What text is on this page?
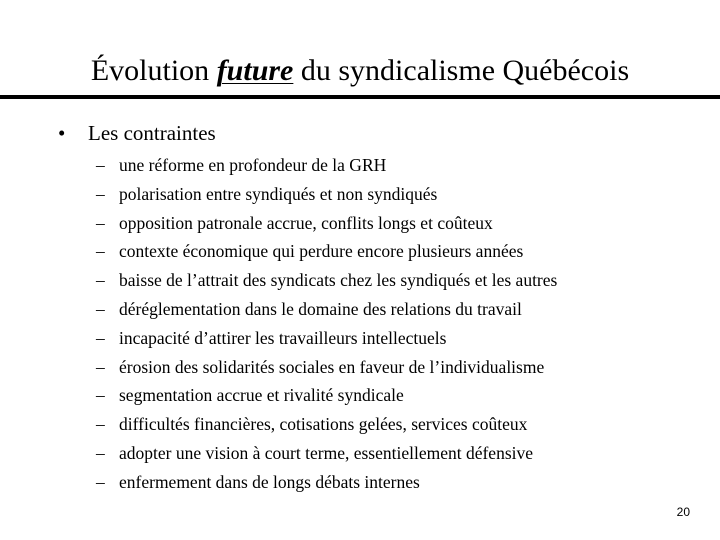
Évolution future du syndicalisme Québécois
• Les contraintes
– une réforme en profondeur de la GRH
– polarisation entre syndiqués et non syndiqués
– opposition patronale accrue, conflits longs et coûteux
– contexte économique qui perdure encore plusieurs années
– baisse de l’attrait des syndicats chez les syndiqués et les autres
– déréglementation dans le domaine des relations du travail
– incapacité d’attirer les travailleurs intellectuels
– érosion des solidarités sociales en faveur de l’individualisme
– segmentation accrue et rivalité syndicale
– difficultés financières, cotisations gelées, services coûteux
– adopter une vision à court terme, essentiellement défensive
– enfermement dans de longs débats internes
20
